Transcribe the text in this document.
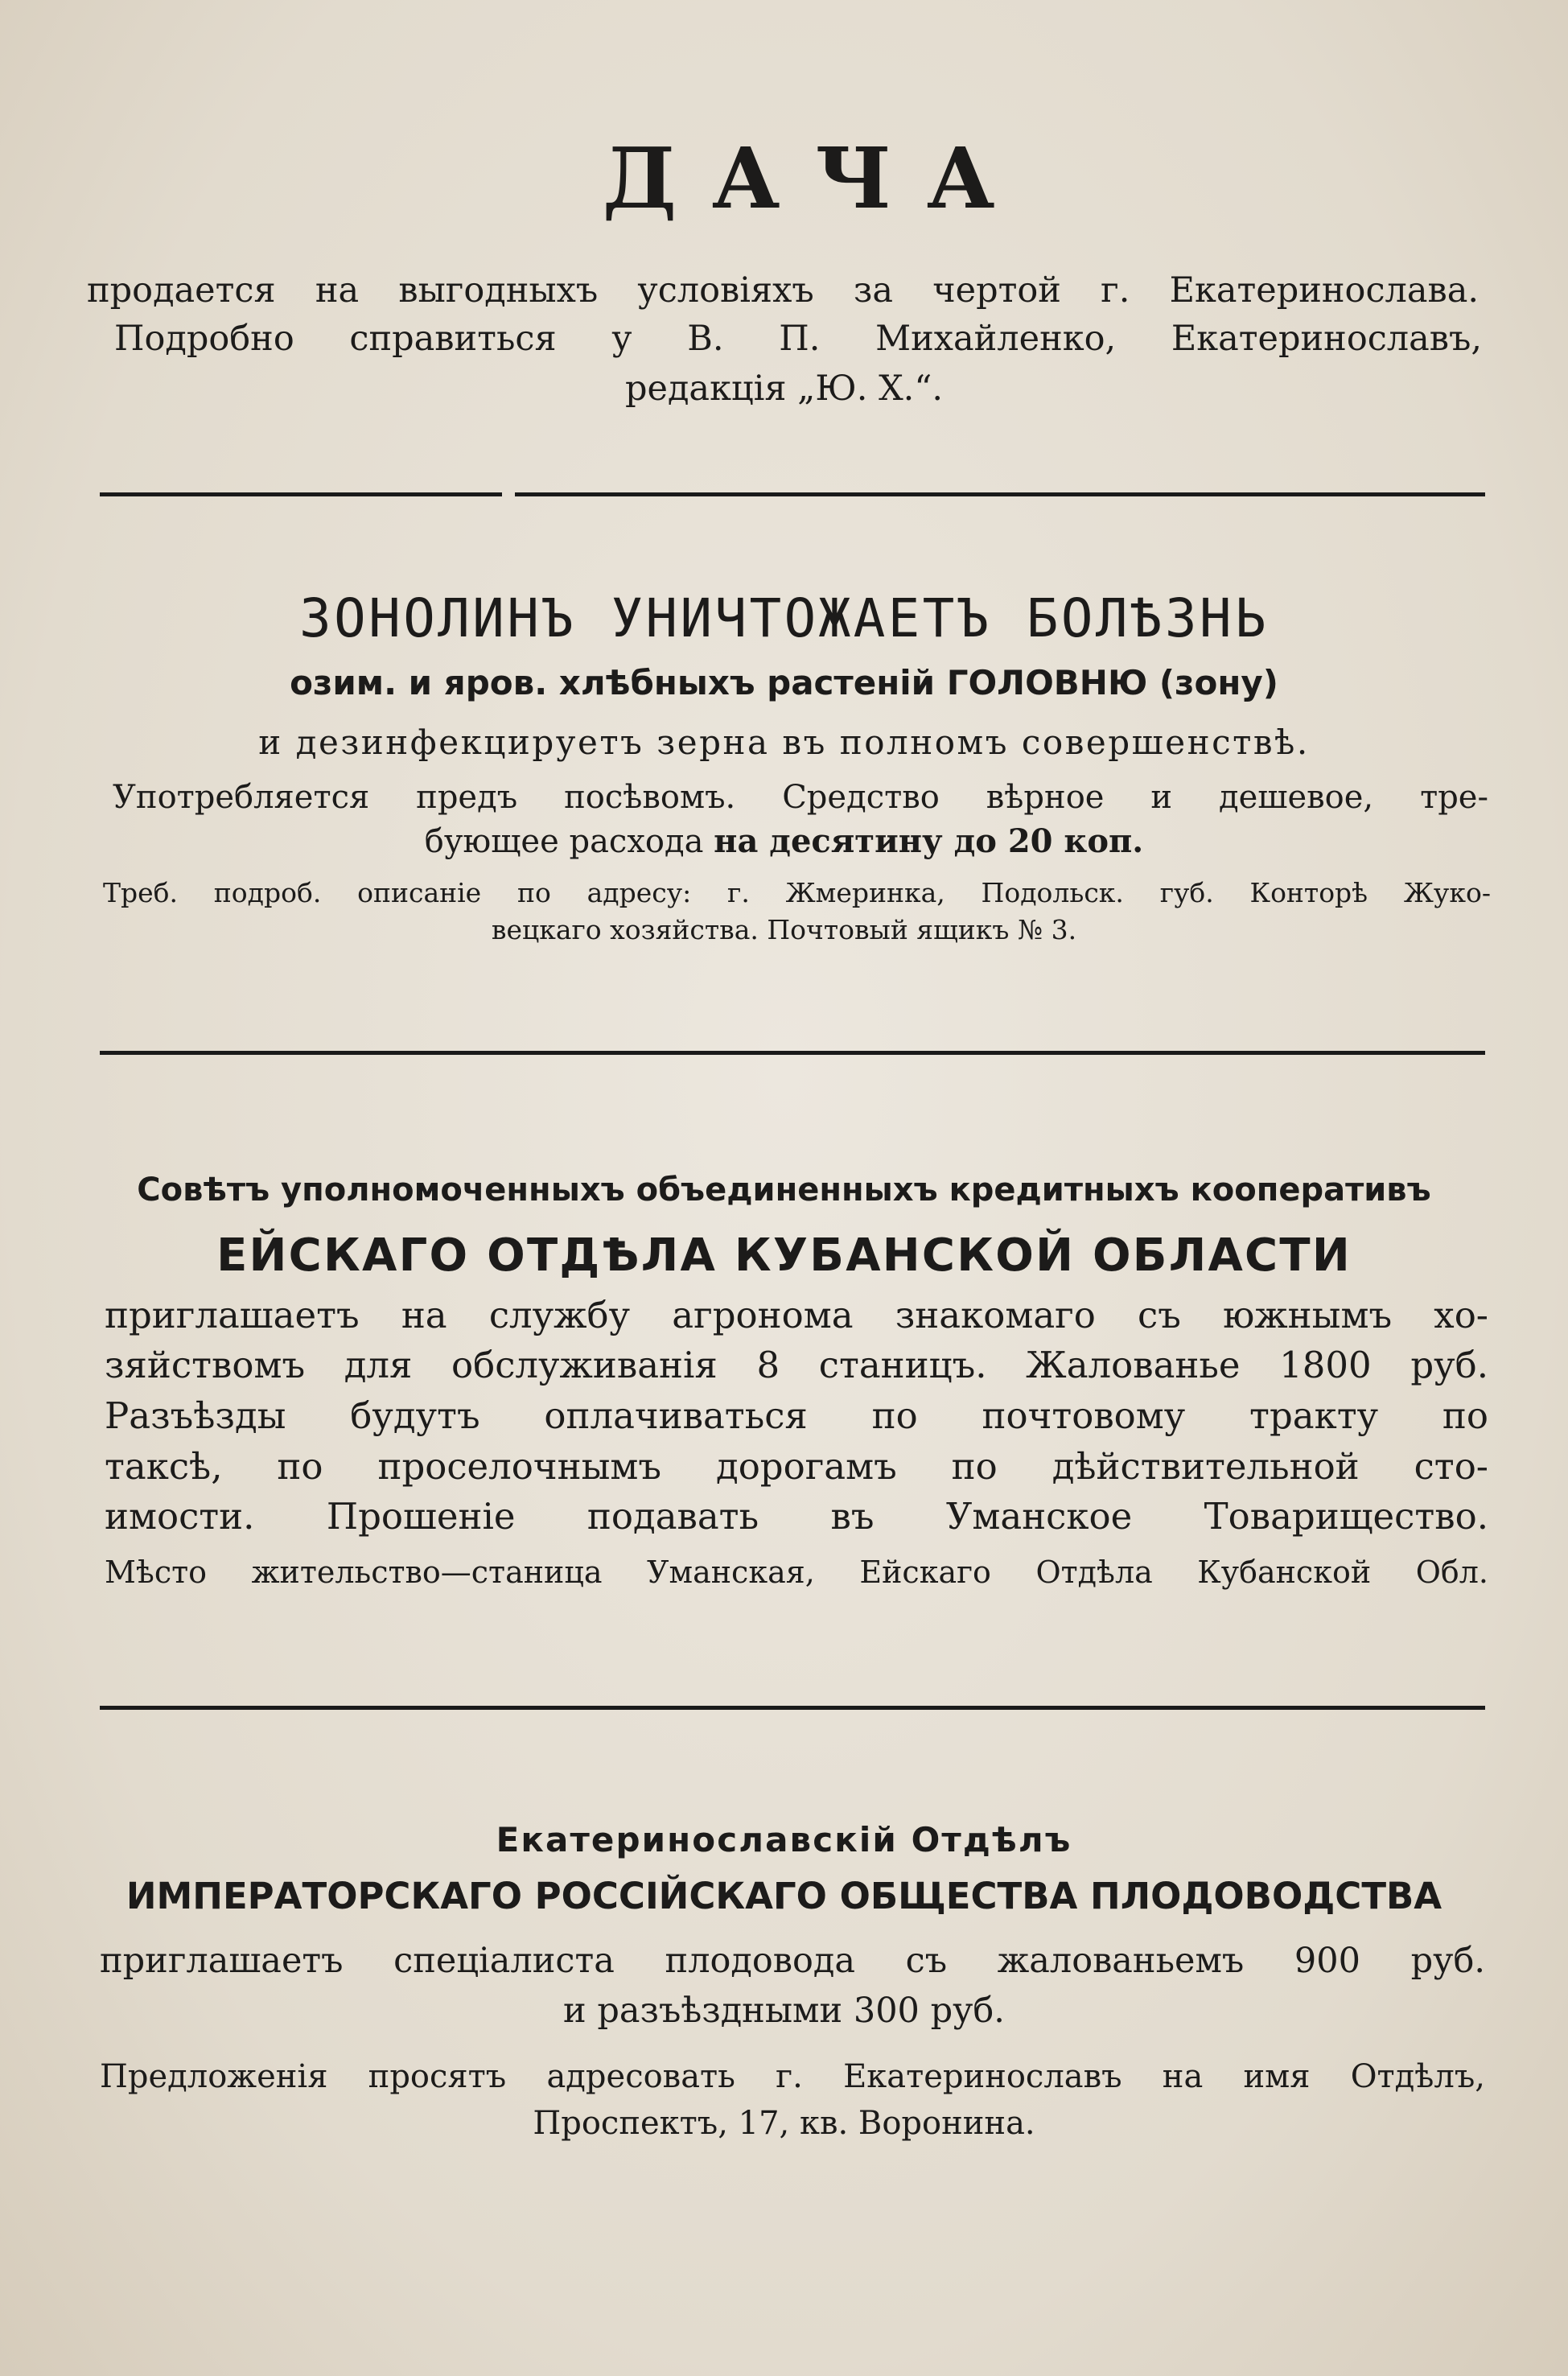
ДАЧА
продается на выгодныхъ условіяхъ за чертой г. Екатеринослава.
Подробно справиться у В. П. Михайленко, Екатеринославъ,
редакція „Ю. Х.“.
ЗОНОЛИНЪ УНИЧТОЖАЕТЪ БОЛѢЗНЬ
озим. и яров. хлѣбныхъ растеній ГОЛОВНЮ (зону)
и дезинфекцируетъ зерна въ полномъ совершенствѣ.
Употребляется предъ посѣвомъ. Средство вѣрное и дешевое, тре-
бующее расхода на десятину до 20 коп.
Треб. подроб. описаніе по адресу: г. Жмеринка, Подольск. губ. Конторѣ Жуко-
вецкаго хозяйства. Почтовый ящикъ № 3.
Совѣтъ уполномоченныхъ объединенныхъ кредитныхъ кооперативъ
ЕЙСКАГО ОТДѢЛА КУБАНСКОЙ ОБЛАСТИ
приглашаетъ на службу агронома знакомаго съ южнымъ хо-
зяйствомъ для обслуживанія 8 станицъ. Жалованье 1800 руб.
Разъѣзды будутъ оплачиваться по почтовому тракту по
таксѣ, по проселочнымъ дорогамъ по дѣйствительной сто-
имости. Прошеніе подавать въ Уманское Товарищество.
Мѣсто жительство—станица Уманская, Ейскаго Отдѣла Кубанской Обл.
Екатеринославскій Отдѣлъ
ИМПЕРАТОРСКАГО РОССІЙСКАГО ОБЩЕСТВА ПЛОДОВОДСТВА
приглашаетъ спеціалиста плодовода съ жалованьемъ 900 руб.
и разъѣздными 300 руб.
Предложенія просятъ адресовать г. Екатеринославъ на имя Отдѣлъ,
Проспектъ, 17, кв. Воронина.
